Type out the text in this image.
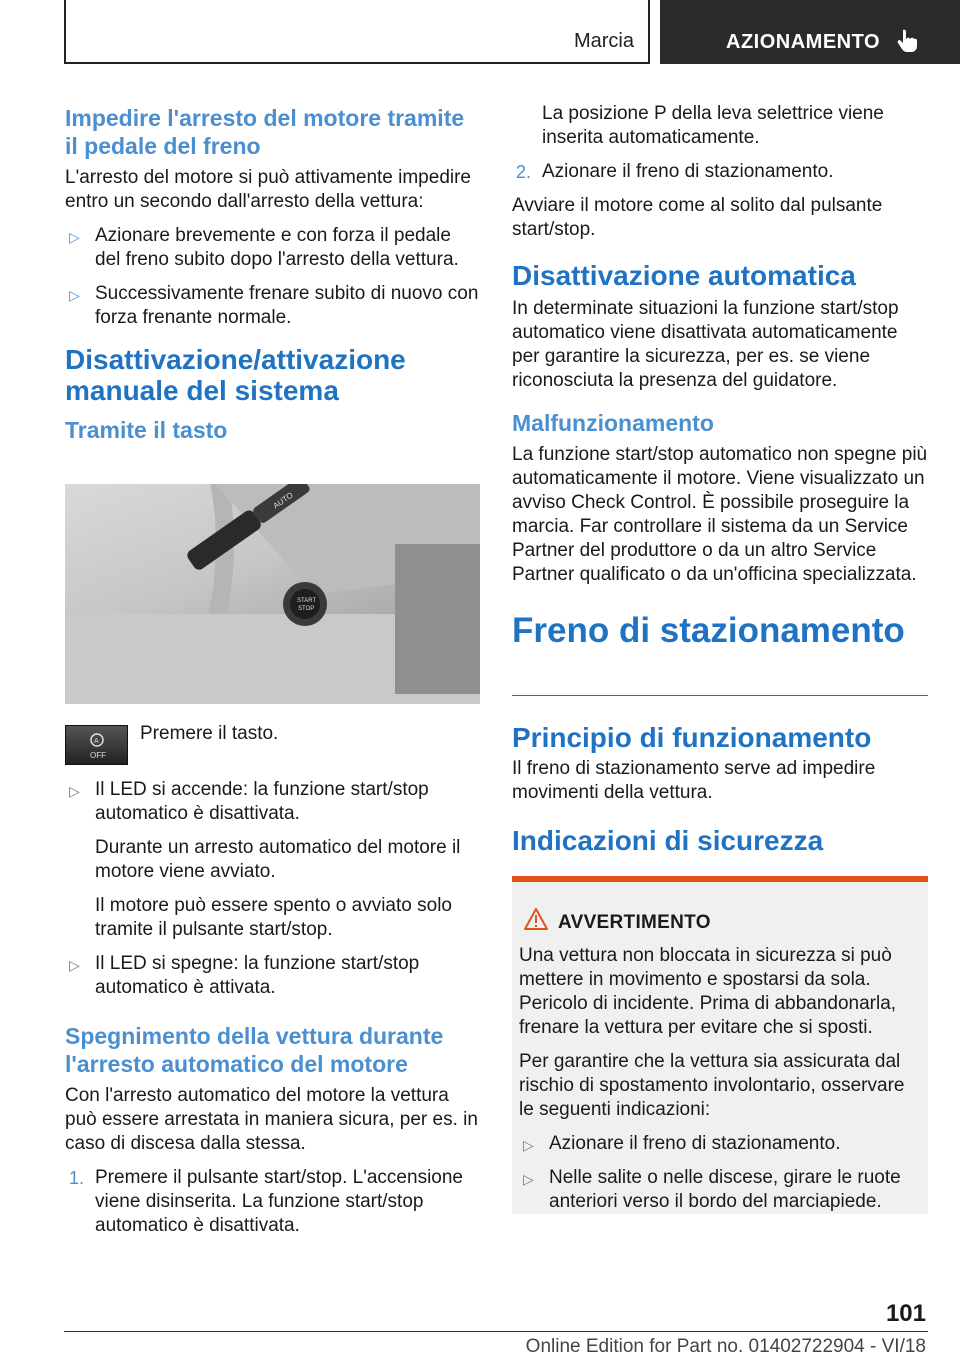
Marcia	AZIONAMENTO
Impedire l'arresto del motore tramite il pedale del freno

L'arresto del motore si può attivamente impedire entro un secondo dall'arresto della vettura:

▷ Azionare brevemente e con forza il pedale del freno subito dopo l'arresto della vettura.
▷ Successivamente frenare subito di nuovo con forza frenante normale.
Disattivazione/attivazione manuale del sistema
Tramite il tasto
AUTO
START
STOP
A
OFF
Premere il tasto.
▷ Il LED si accende: la funzione start/stop automatico è disattivata.

Durante un arresto automatico del motore il motore viene avviato.

Il motore può essere spento o avviato solo tramite il pulsante start/stop.

▷ Il LED si spegne: la funzione start/stop automatico è attivata.
Spegnimento della vettura durante l'arresto automatico del motore

Con l'arresto automatico del motore la vettura può essere arrestata in maniera sicura, per es. in caso di discesa dalla stessa.

1. Premere il pulsante start/stop. L'accensione viene disinserita. La funzione start/stop automatico è disattivata.

La posizione P della leva selettrice viene inserita automaticamente.

2. Azionare il freno di stazionamento.

Avviare il motore come al solito dal pulsante start/stop.

Disattivazione automatica

In determinate situazioni la funzione start/stop automatico viene disattivata automaticamente per garantire la sicurezza, per es. se viene riconosciuta la presenza del guidatore.

Malfunzionamento

La funzione start/stop automatico non spegne più automaticamente il motore. Viene visualizzato un avviso Check Control. È possibile proseguire la marcia. Far controllare il sistema da un Service Partner del produttore o da un altro Service Partner qualificato o da un'officina specializzata.

Freno di stazionamento
Principio di funzionamento

Il freno di stazionamento serve ad impedire movimenti della vettura.

Indicazioni di sicurezza
AVVERTIMENTO

Una vettura non bloccata in sicurezza si può mettere in movimento e spostarsi da sola. Pericolo di incidente. Prima di abbandonarla, frenare la vettura per evitare che si sposti.

Per garantire che la vettura sia assicurata dal rischio di spostamento involontario, osservare le seguenti indicazioni:

▷ Azionare il freno di stazionamento.
▷ Nelle salite o nelle discese, girare le ruote anteriori verso il bordo del marciapiede.
101
Online Edition for Part no. 01402722904 - VI/18
